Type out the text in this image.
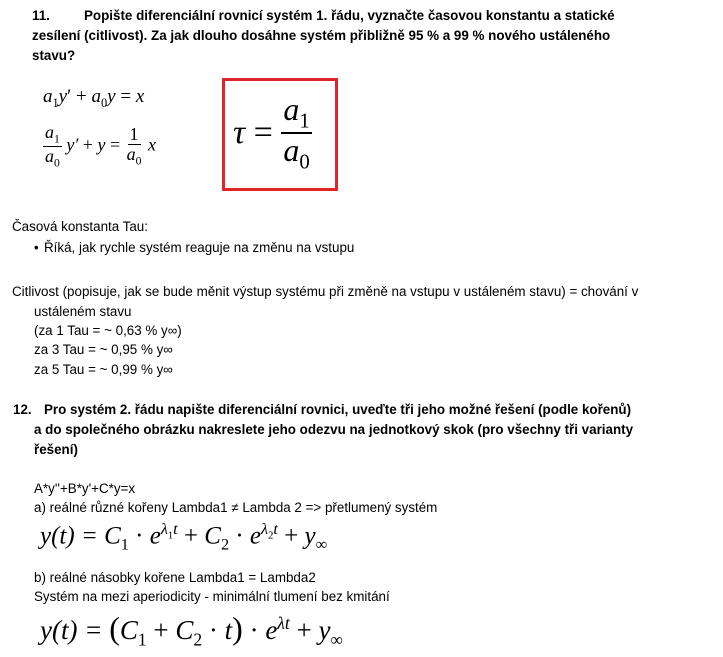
11.	Popište diferenciální rovnicí systém 1. řádu, vyznačte časovou konstantu a statické
zesílení (citlivost). Za jak dlouho dosáhne systém přibližně 95 % a 99 % nového ustáleného
stavu?
$a_1y' + a_0y = x$
$\frac{a_1}{a_0} y' + y = \frac{1}{a_0}$ x $\tau = \frac{a_1}{a_0}$
Časová konstanta Tau:
• Říká, jak rychle systém reaguje na změnu na vstupu
Citlivost (popisuje, jak se bude měnit výstup systému při změně na vstupu v ustáleném stavu) = chování v
ustáleném stavu
(za 1 Tau = ~ 0,63 % y∞)
za 3 Tau = ~ 0,95 % y∞
za 5 Tau = ~ 0,99 % y∞
12. Pro systém 2. řádu napište diferenciální rovnici, uveďte tři jeho možné řešení (podle kořenů)
a do společného obrázku nakreslete jeho odezvu na jednotkový skok (pro všechny tři varianty
řešení)
A*y''+B*y'+C*y=x
a) reálné různé kořeny Lambda1 ≠ Lambda 2 => přetlumený systém
$y(t) = C_1 \cdot e^{\lambda_1t} + C_2 \cdot e^{\lambda_2t} + y_\infty$
b) reálné násobky kořene Lambda1 = Lambda2
Systém na mezi aperiodicity - minimální tlumení bez kmitání
$y(t) = (C_1 + C_2 \cdot t) \cdot e^{\lambda t} + y_\infty$
